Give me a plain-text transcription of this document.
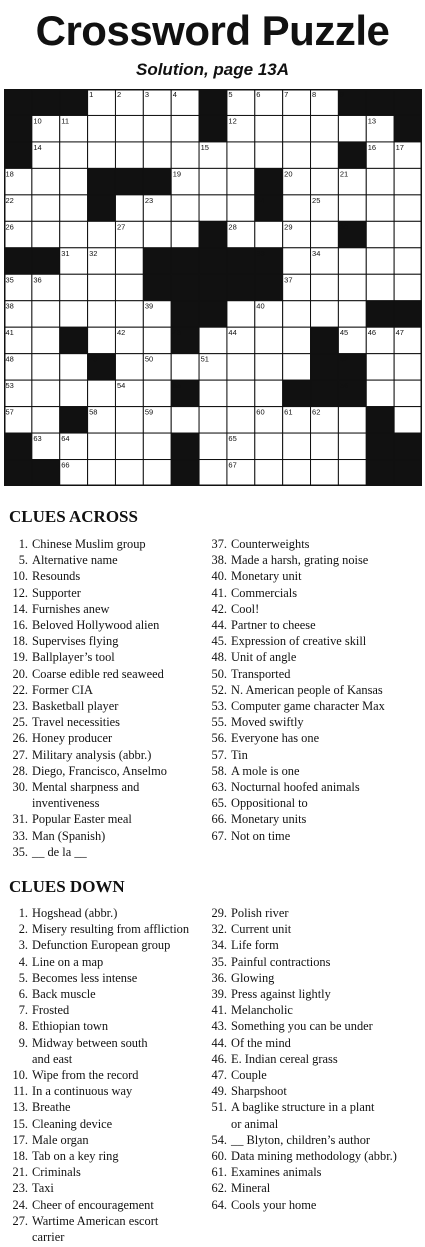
Crossword Puzzle
Solution, page 13A
1	2	3	4	5	6	7	8	9
10	11	12	13
14	15	16	17
18	19	20	21
22	23	24	25
26	27	28	29	30
31	32	33	34
35	36	37
38	39	40
41	42	43	44	45	46	47
48	49	50	51	52
53	54	55	56
57	58	59	60	61	62
63	64	65
66	67
CLUES ACROSS
1. Chinese Muslim group
5. Alternative name
10. Resounds
12. Supporter
14. Furnishes anew
16. Beloved Hollywood alien
18. Supervises flying
19. Ballplayer’s tool
20. Coarse edible red seaweed
22. Former CIA
23. Basketball player
25. Travel necessities
26. Honey producer
27. Military analysis (abbr.)
28. Diego, Francisco, Anselmo
30. Mental sharpness and
inventiveness
31. Popular Easter meal
33. Man (Spanish)
35. __ de la __
37. Counterweights
38. Made a harsh, grating noise
40. Monetary unit
41. Commercials
42. Cool!
44. Partner to cheese
45. Expression of creative skill
48. Unit of angle
50. Transported
52. N. American people of Kansas
53. Computer game character Max
55. Moved swiftly
56. Everyone has one
57. Tin
58. A mole is one
63. Nocturnal hoofed animals
65. Oppositional to
66. Monetary units
67. Not on time
CLUES DOWN
1. Hogshead (abbr.)
2. Misery resulting from affliction
3. Defunction European group
4. Line on a map
5. Becomes less intense
6. Back muscle
7. Frosted
8. Ethiopian town
9. Midway between south
and east
10. Wipe from the record
11. In a continuous way
13. Breathe
15. Cleaning device
17. Male organ
18. Tab on a key ring
21. Criminals
23. Taxi
24. Cheer of encouragement
27. Wartime American escort
carrier
29. Polish river
32. Current unit
34. Life form
35. Painful contractions
36. Glowing
39. Press against lightly
41. Melancholic
43. Something you can be under
44. Of the mind
46. E. Indian cereal grass
47. Couple
49. Sharpshoot
51. A baglike structure in a plant
or animal
54. __ Blyton, children’s author
60. Data mining methodology (abbr.)
61. Examines animals
62. Mineral
64. Cools your home
